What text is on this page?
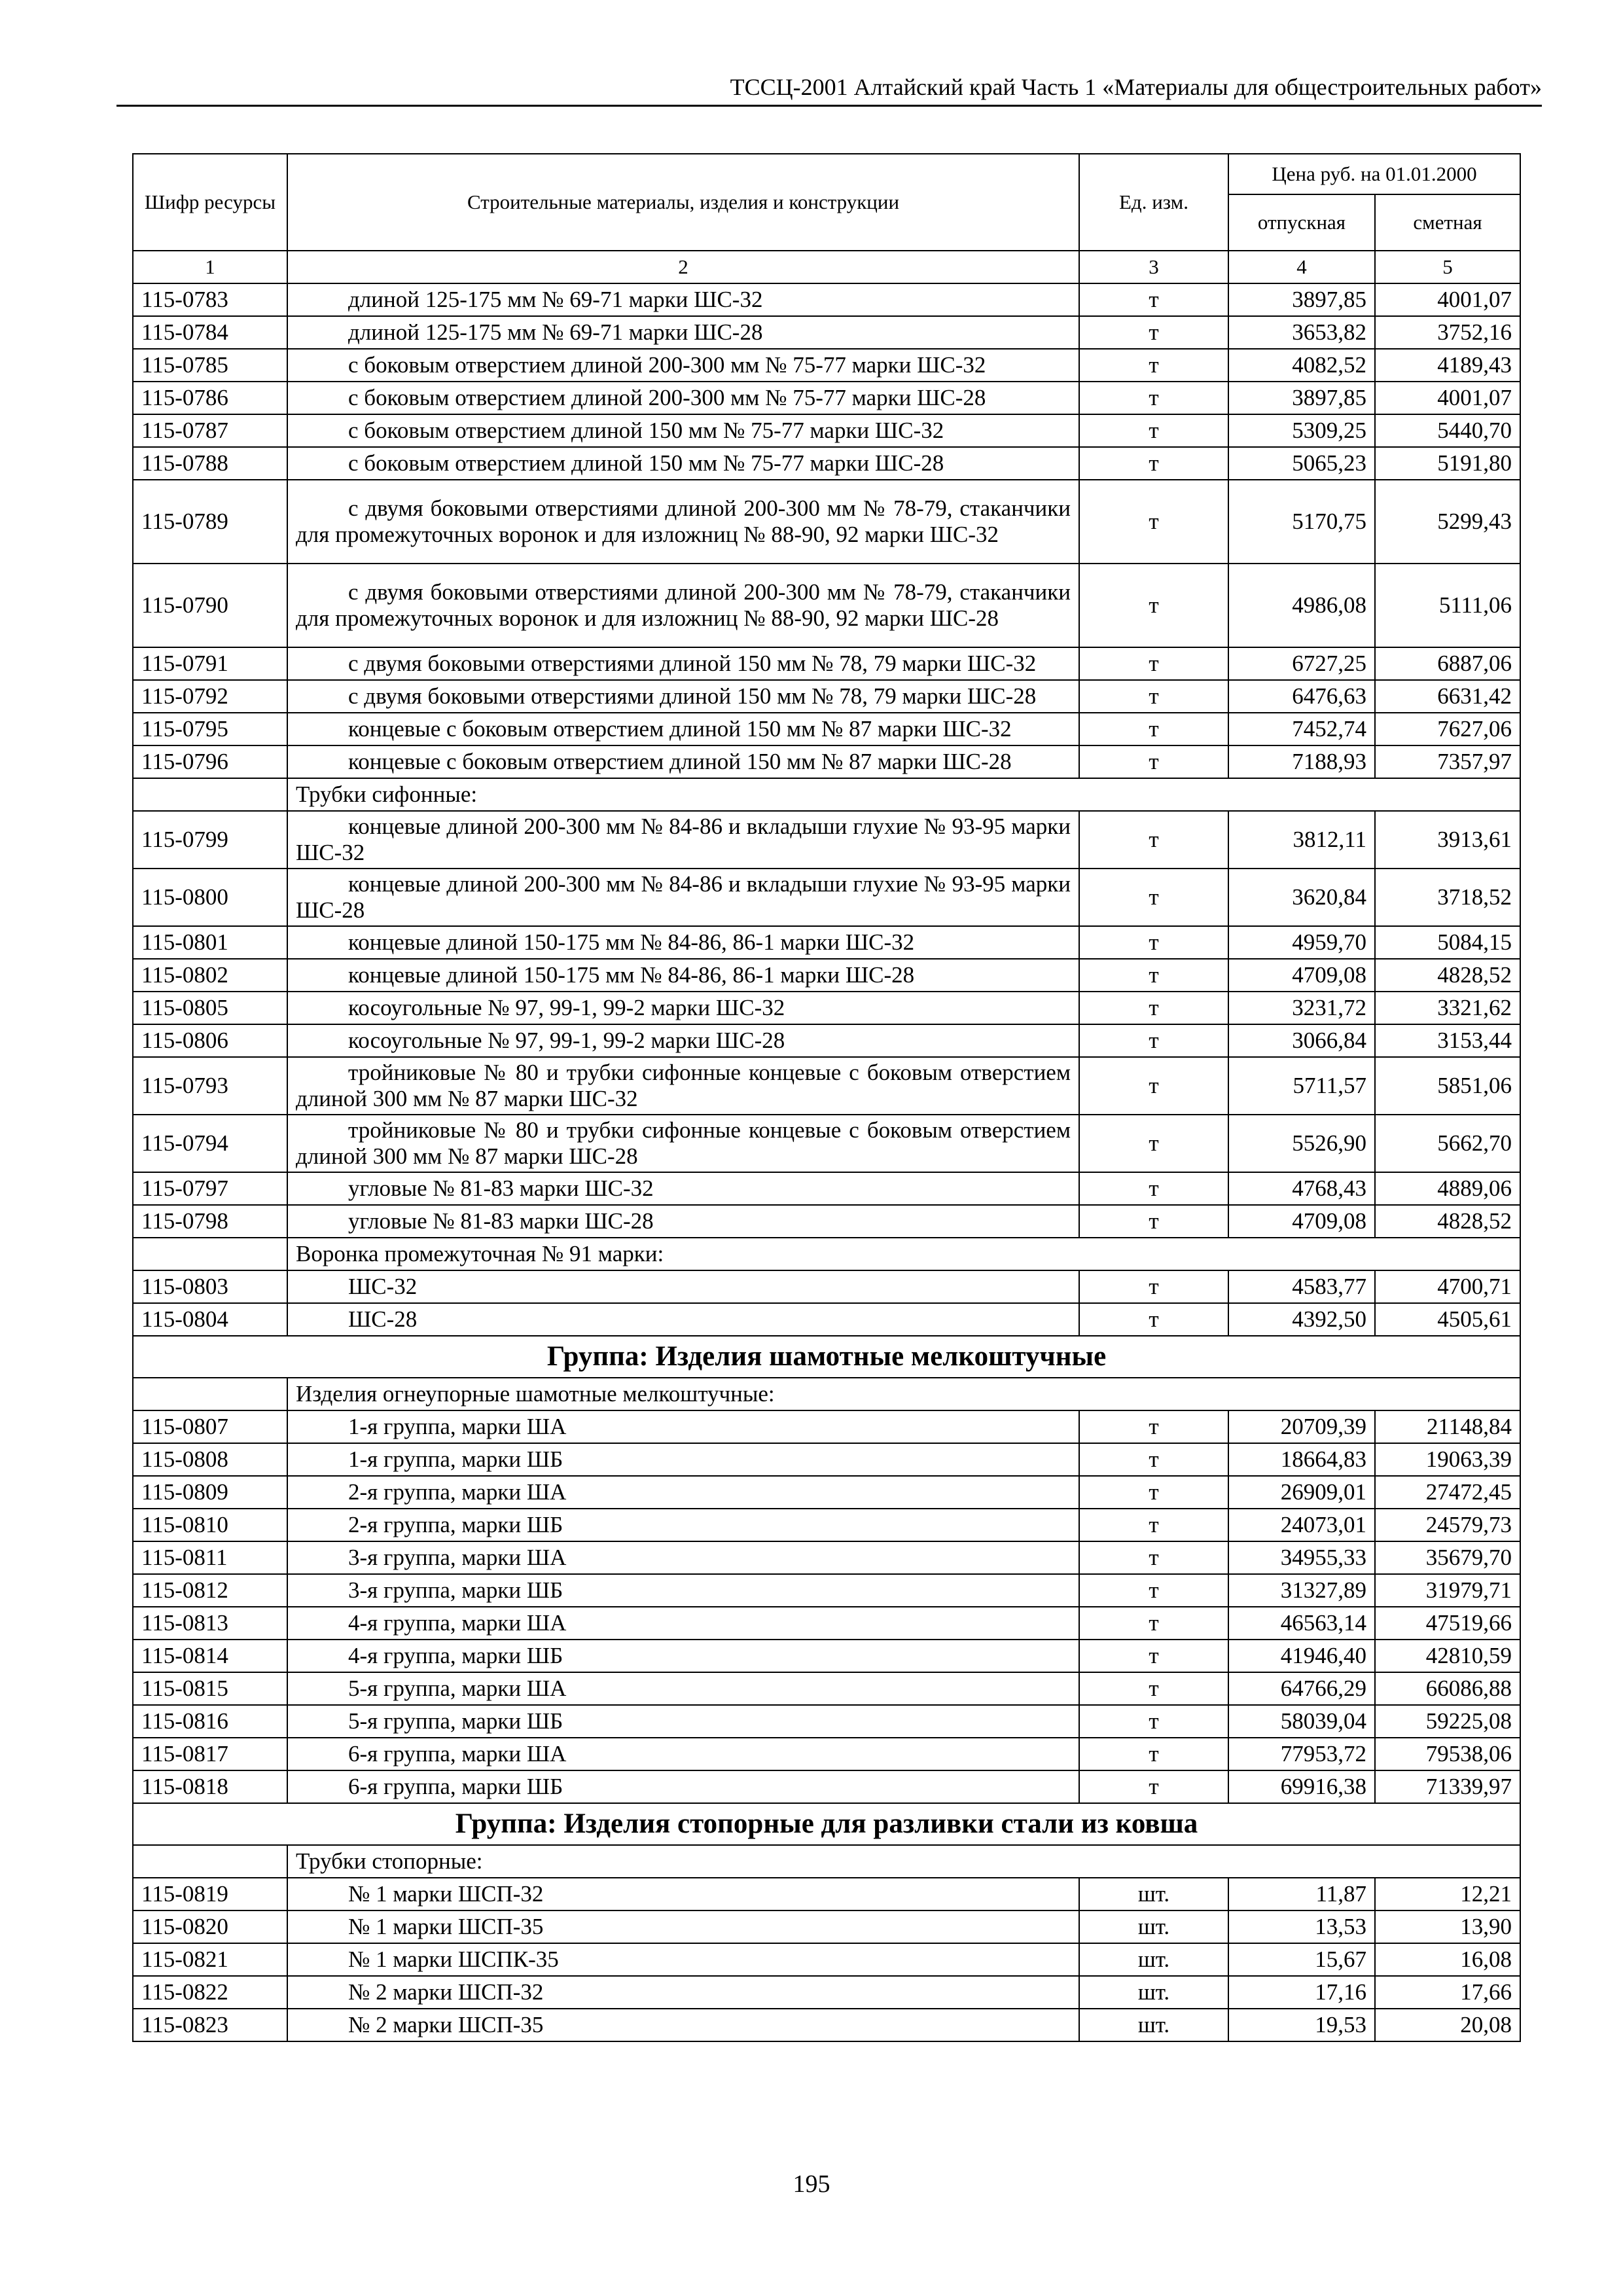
ТССЦ-2001 Алтайский край Часть 1 «Материалы для общестроительных работ»
Шифр ресурсы	Строительные материалы, изделия и конструкции	Ед. изм.	Цена руб. на 01.01.2000	
			отпускная	сметная
1	2	3	4	5
115-0783	длиной 125-175 мм № 69-71 марки ШС-32	т	3897,85	4001,07
115-0784	длиной 125-175 мм № 69-71 марки ШС-28	т	3653,82	3752,16
115-0785	с боковым отверстием длиной 200-300 мм № 75-77 марки ШС-32	т	4082,52	4189,43
115-0786	с боковым отверстием длиной 200-300 мм № 75-77 марки ШС-28	т	3897,85	4001,07
115-0787	с боковым отверстием длиной 150 мм № 75-77 марки ШС-32	т	5309,25	5440,70
115-0788	с боковым отверстием длиной 150 мм № 75-77 марки ШС-28	т	5065,23	5191,80
115-0789	с двумя боковыми отверстиями длиной 200-300 мм № 78-79, стаканчики для промежуточных воронок и для изложниц № 88-90, 92 марки ШС-32	т	5170,75	5299,43
115-0790	с двумя боковыми отверстиями длиной 200-300 мм № 78-79, стаканчики для промежуточных воронок и для изложниц № 88-90, 92 марки ШС-28	т	4986,08	5111,06
115-0791	с двумя боковыми отверстиями длиной 150 мм № 78, 79 марки ШС-32	т	6727,25	6887,06
115-0792	с двумя боковыми отверстиями длиной 150 мм № 78, 79 марки ШС-28	т	6476,63	6631,42
115-0795	концевые с боковым отверстием длиной 150 мм № 87 марки ШС-32	т	7452,74	7627,06
115-0796	концевые с боковым отверстием длиной 150 мм № 87 марки ШС-28	т	7188,93	7357,97
	Трубки сифонные:			
115-0799	концевые длиной 200-300 мм № 84-86 и вкладыши глухие № 93-95 марки ШС-32	т	3812,11	3913,61
115-0800	концевые длиной 200-300 мм № 84-86 и вкладыши глухие № 93-95 марки ШС-28	т	3620,84	3718,52
115-0801	концевые длиной 150-175 мм № 84-86, 86-1 марки ШС-32	т	4959,70	5084,15
115-0802	концевые длиной 150-175 мм № 84-86, 86-1 марки ШС-28	т	4709,08	4828,52
115-0805	косоугольные № 97, 99-1, 99-2 марки ШС-32	т	3231,72	3321,62
115-0806	косоугольные № 97, 99-1, 99-2 марки ШС-28	т	3066,84	3153,44
115-0793	тройниковые № 80 и трубки сифонные концевые с боковым отверстием длиной 300 мм № 87 марки ШС-32	т	5711,57	5851,06
115-0794	тройниковые № 80 и трубки сифонные концевые с боковым отверстием длиной 300 мм № 87 марки ШС-28	т	5526,90	5662,70
115-0797	угловые № 81-83 марки ШС-32	т	4768,43	4889,06
115-0798	угловые № 81-83 марки ШС-28	т	4709,08	4828,52
	Воронка промежуточная № 91 марки:			
115-0803	ШС-32	т	4583,77	4700,71
115-0804	ШС-28	т	4392,50	4505,61
Группа: Изделия шамотные мелкоштучные				
	Изделия огнеупорные шамотные мелкоштучные:			
115-0807	1-я группа, марки ША	т	20709,39	21148,84
115-0808	1-я группа, марки ШБ	т	18664,83	19063,39
115-0809	2-я группа, марки ША	т	26909,01	27472,45
115-0810	2-я группа, марки ШБ	т	24073,01	24579,73
115-0811	3-я группа, марки ША	т	34955,33	35679,70
115-0812	3-я группа, марки ШБ	т	31327,89	31979,71
115-0813	4-я группа, марки ША	т	46563,14	47519,66
115-0814	4-я группа, марки ШБ	т	41946,40	42810,59
115-0815	5-я группа, марки ША	т	64766,29	66086,88
115-0816	5-я группа, марки ШБ	т	58039,04	59225,08
115-0817	6-я группа, марки ША	т	77953,72	79538,06
115-0818	6-я группа, марки ШБ	т	69916,38	71339,97
Группа: Изделия стопорные для разливки стали из ковша				
	Трубки стопорные:			
115-0819	№ 1 марки ШСП-32	шт.	11,87	12,21
115-0820	№ 1 марки ШСП-35	шт.	13,53	13,90
115-0821	№ 1 марки ШСПК-35	шт.	15,67	16,08
115-0822	№ 2 марки ШСП-32	шт.	17,16	17,66
115-0823	№ 2 марки ШСП-35	шт.	19,53	20,08
195
